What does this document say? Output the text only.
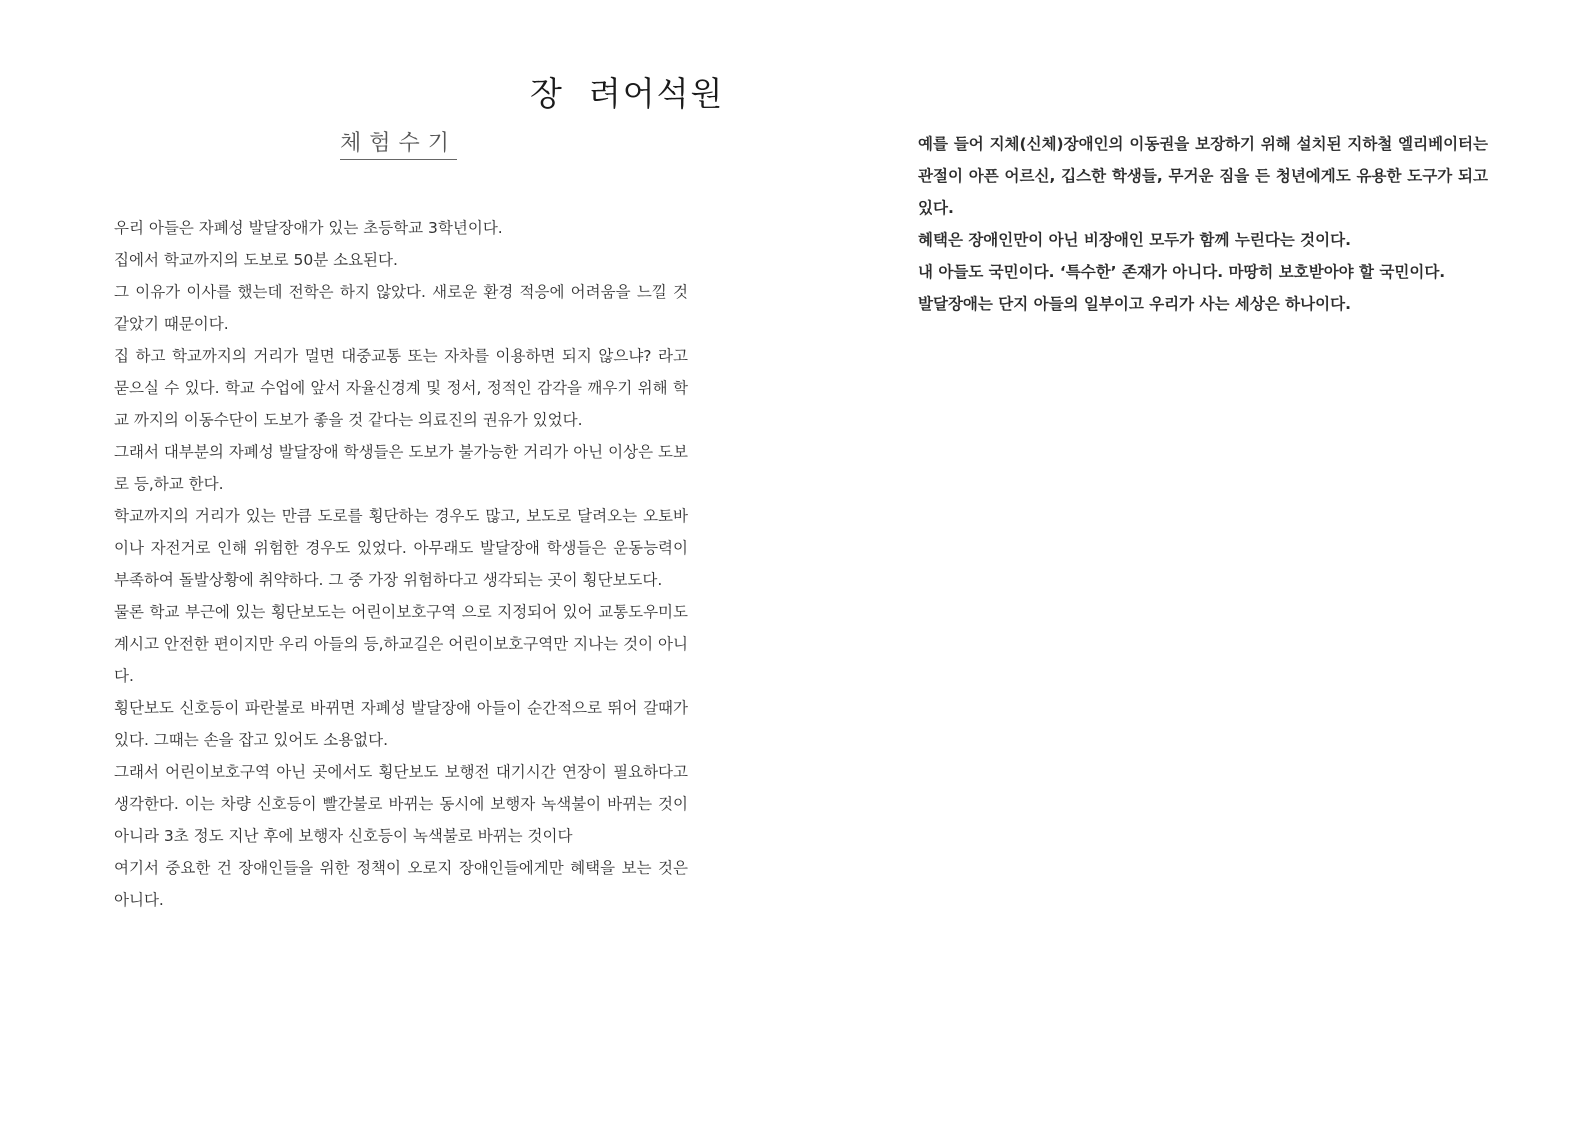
장  려어석원
체험수기

우리 아들은 자폐성 발달장애가 있는 초등학교 3학년이다.

집에서 학교까지의 도보로 50분 소요된다.

그 이유가 이사를 했는데 전학은 하지 않았다. 새로운 환경 적응에 어려움을 느낄 것 같았기 때문이다.

집 하고 학교까지의 거리가 멀면 대중교통 또는 자차를 이용하면 되지 않으냐? 라고 묻으실 수 있다. 학교 수업에 앞서 자율신경계 및 정서, 정적인 감각을 깨우기 위해 학교 까지의 이동수단이 도보가 좋을 것 같다는 의료진의 권유가 있었다.

그래서 대부분의 자폐성 발달장애 학생들은 도보가 불가능한 거리가 아닌 이상은 도보로 등,하교 한다.

학교까지의 거리가 있는 만큼 도로를 횡단하는 경우도 많고, 보도로 달려오는 오토바이나 자전거로 인해 위험한 경우도 있었다. 아무래도 발달장애 학생들은 운동능력이 부족하여 돌발상황에 취약하다. 그 중 가장 위험하다고 생각되는 곳이 횡단보도다.

물론 학교 부근에 있는 횡단보도는 어린이보호구역 으로 지정되어 있어 교통도우미도 계시고 안전한 편이지만 우리 아들의 등,하교길은 어린이보호구역만 지나는 것이 아니다.

횡단보도 신호등이 파란불로 바뀌면 자폐성 발달장애 아들이 순간적으로 뛰어 갈때가 있다. 그때는 손을 잡고 있어도 소용없다.

그래서 어린이보호구역 아닌 곳에서도 횡단보도 보행전 대기시간 연장이 필요하다고 생각한다. 이는 차량 신호등이 빨간불로 바뀌는 동시에 보행자 녹색불이 바뀌는 것이 아니라 3초 정도 지난 후에 보행자 신호등이 녹색불로 바뀌는 것이다

여기서 중요한 건 장애인들을 위한 정책이 오로지 장애인들에게만 혜택을 보는 것은 아니다.

예를 들어 지체(신체)장애인의 이동권을 보장하기 위해 설치된 지하철 엘리베이터는 관절이 아픈 어르신, 깁스한 학생들, 무거운 짐을 든 청년에게도 유용한 도구가 되고 있다.

혜택은 장애인만이 아닌 비장애인 모두가 함께 누린다는 것이다.

내 아들도 국민이다. ‘특수한’ 존재가 아니다. 마땅히 보호받아야 할 국민이다.

발달장애는 단지 아들의 일부이고 우리가 사는 세상은 하나이다.
